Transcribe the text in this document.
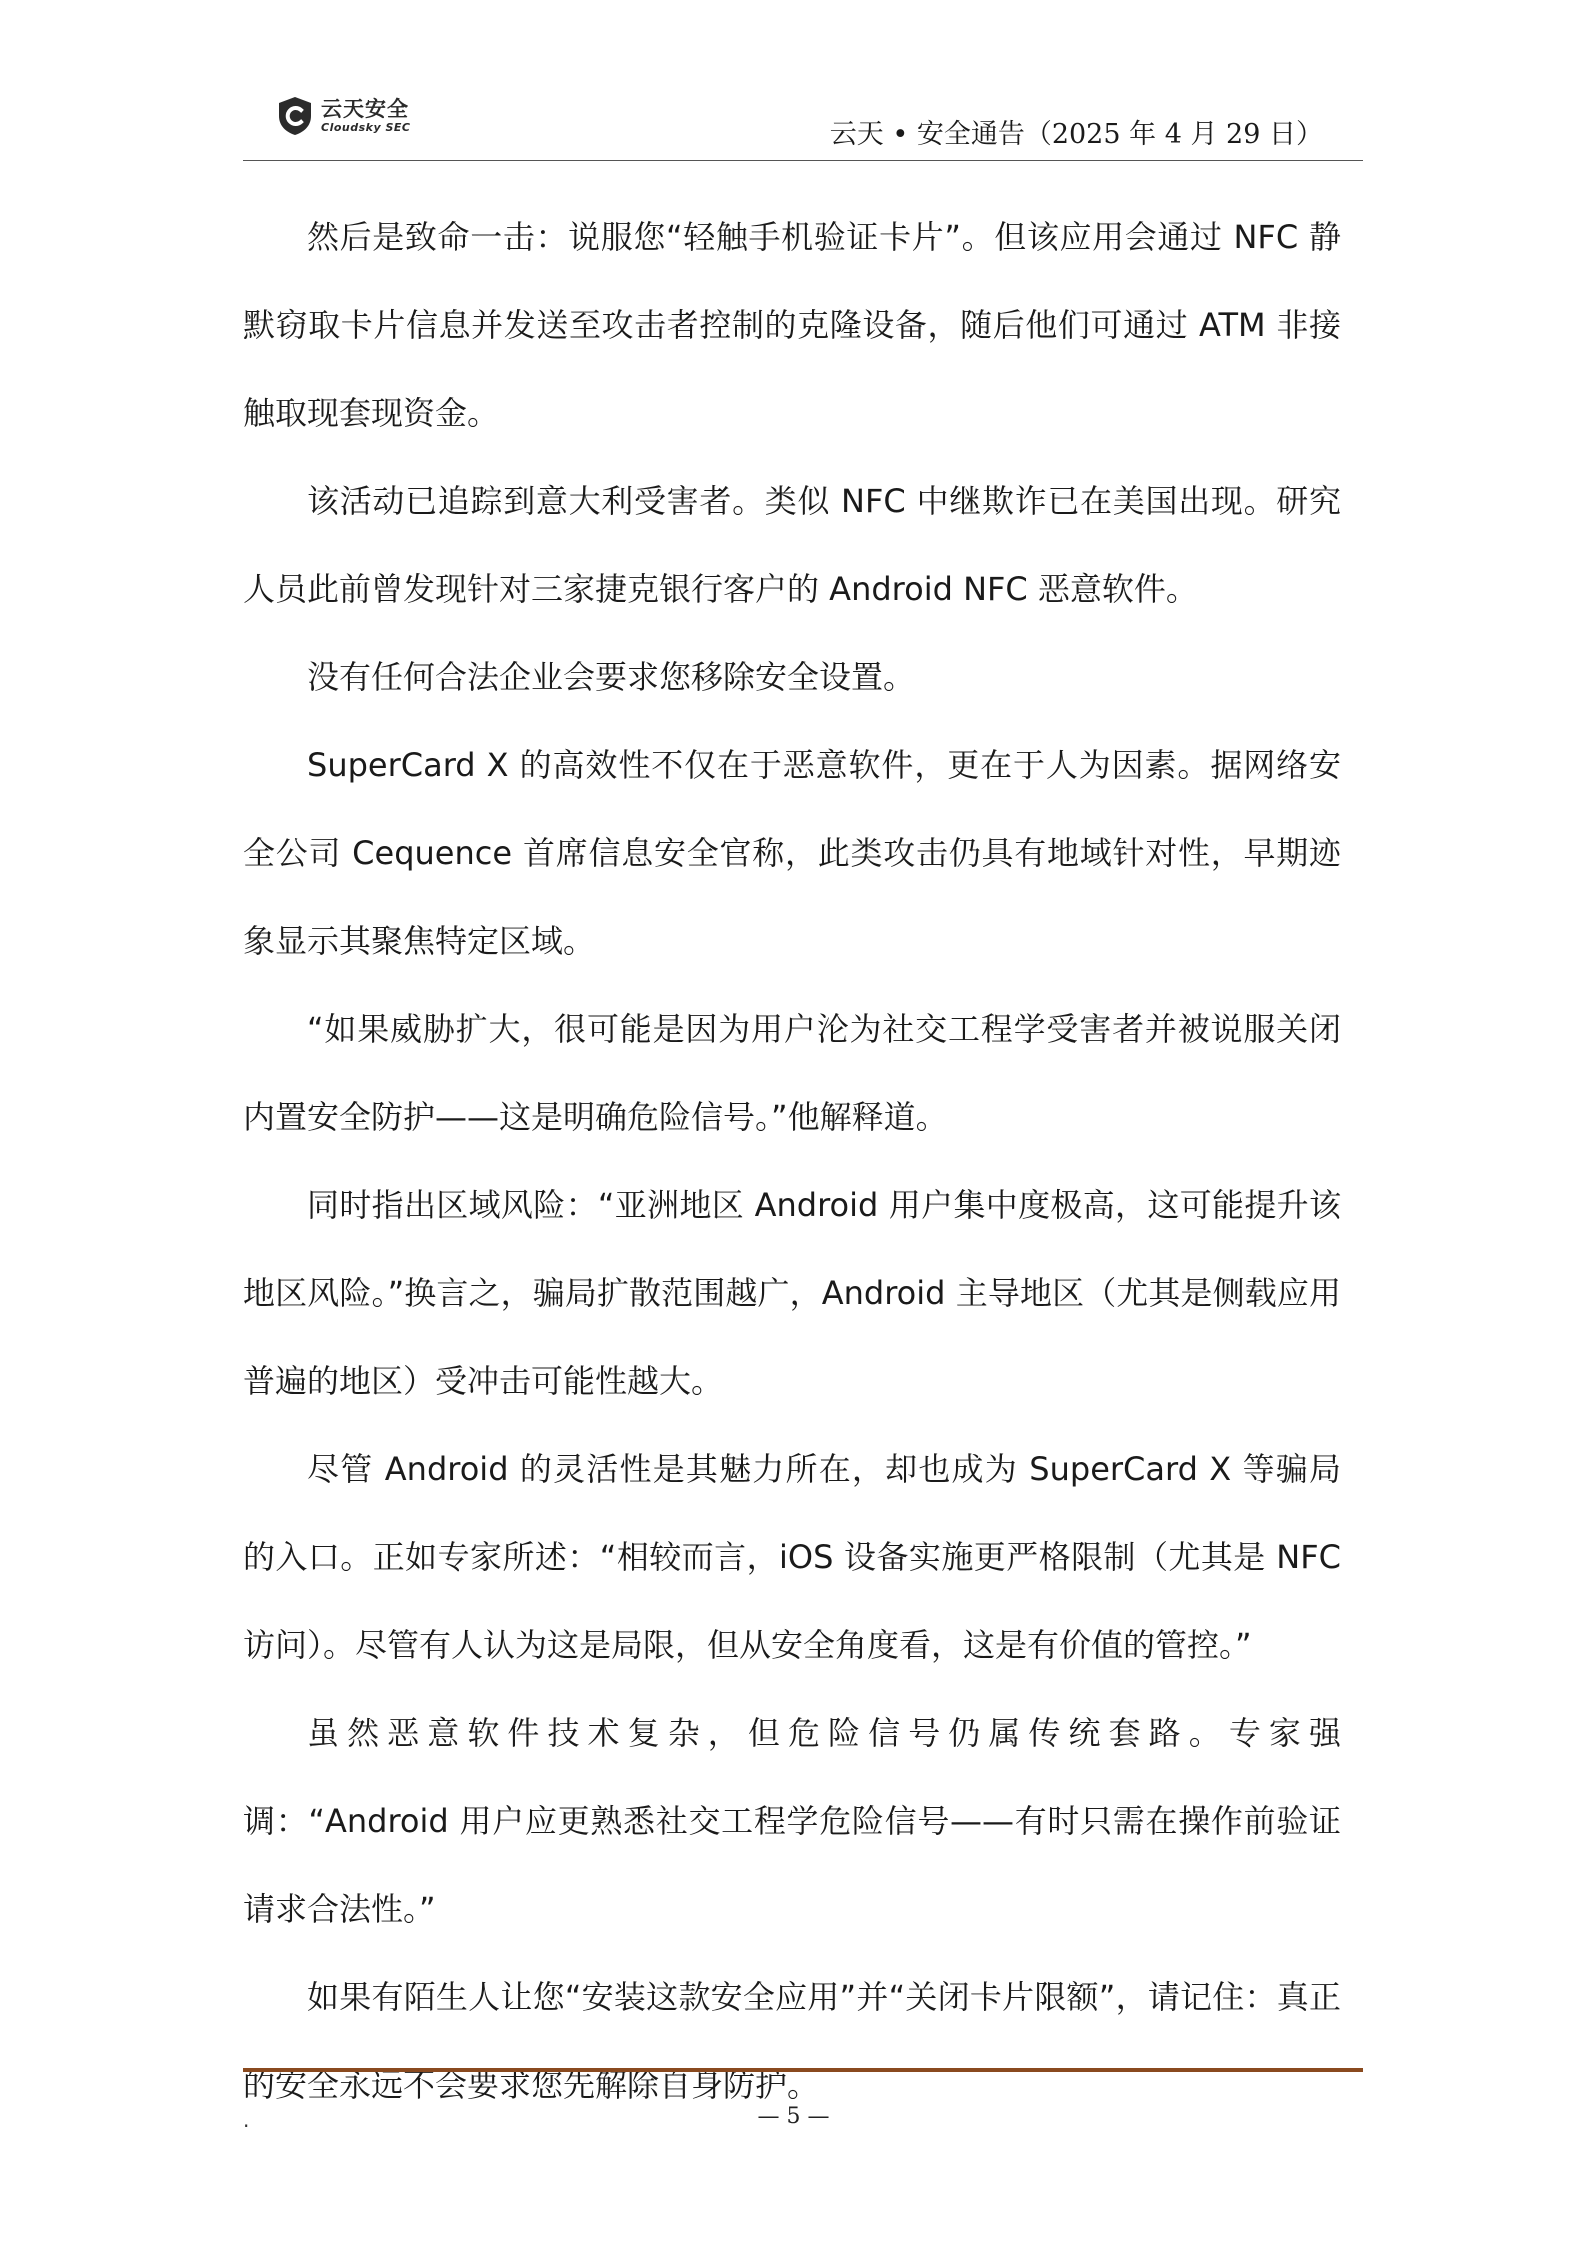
云天安全
Cloudsky SEC	云天 • 安全通告（2025 年 4 月 29 日）

然后是致命一击：说服您“轻触手机验证卡片”。但该应用会通过 NFC 静默窃取卡片信息并发送至攻击者控制的克隆设备，随后他们可通过 ATM 非接触取现套现资金。

该活动已追踪到意大利受害者。类似 NFC 中继欺诈已在美国出现。研究人员此前曾发现针对三家捷克银行客户的 Android NFC 恶意软件。

没有任何合法企业会要求您移除安全设置。

SuperCard X 的高效性不仅在于恶意软件，更在于人为因素。据网络安全公司 Cequence 首席信息安全官称，此类攻击仍具有地域针对性，早期迹象显示其聚焦特定区域。

“如果威胁扩大，很可能是因为用户沦为社交工程学受害者并被说服关闭内置安全防护——这是明确危险信号。”他解释道。

同时指出区域风险：“亚洲地区 Android 用户集中度极高，这可能提升该地区风险。”换言之，骗局扩散范围越广，Android 主导地区（尤其是侧载应用普遍的地区）受冲击可能性越大。

尽管 Android 的灵活性是其魅力所在，却也成为 SuperCard X 等骗局的入口。正如专家所述：“相较而言，iOS 设备实施更严格限制（尤其是 NFC 访问）。尽管有人认为这是局限，但从安全角度看，这是有价值的管控。”

虽然恶意软件技术复杂，但危险信号仍属传统套路。专家强调：“Android 用户应更熟悉社交工程学危险信号——有时只需在操作前验证请求合法性。”

如果有陌生人让您“安装这款安全应用”并“关闭卡片限额”，请记住：真正的安全永远不会要求您先解除自身防护。

.	— 5 —
